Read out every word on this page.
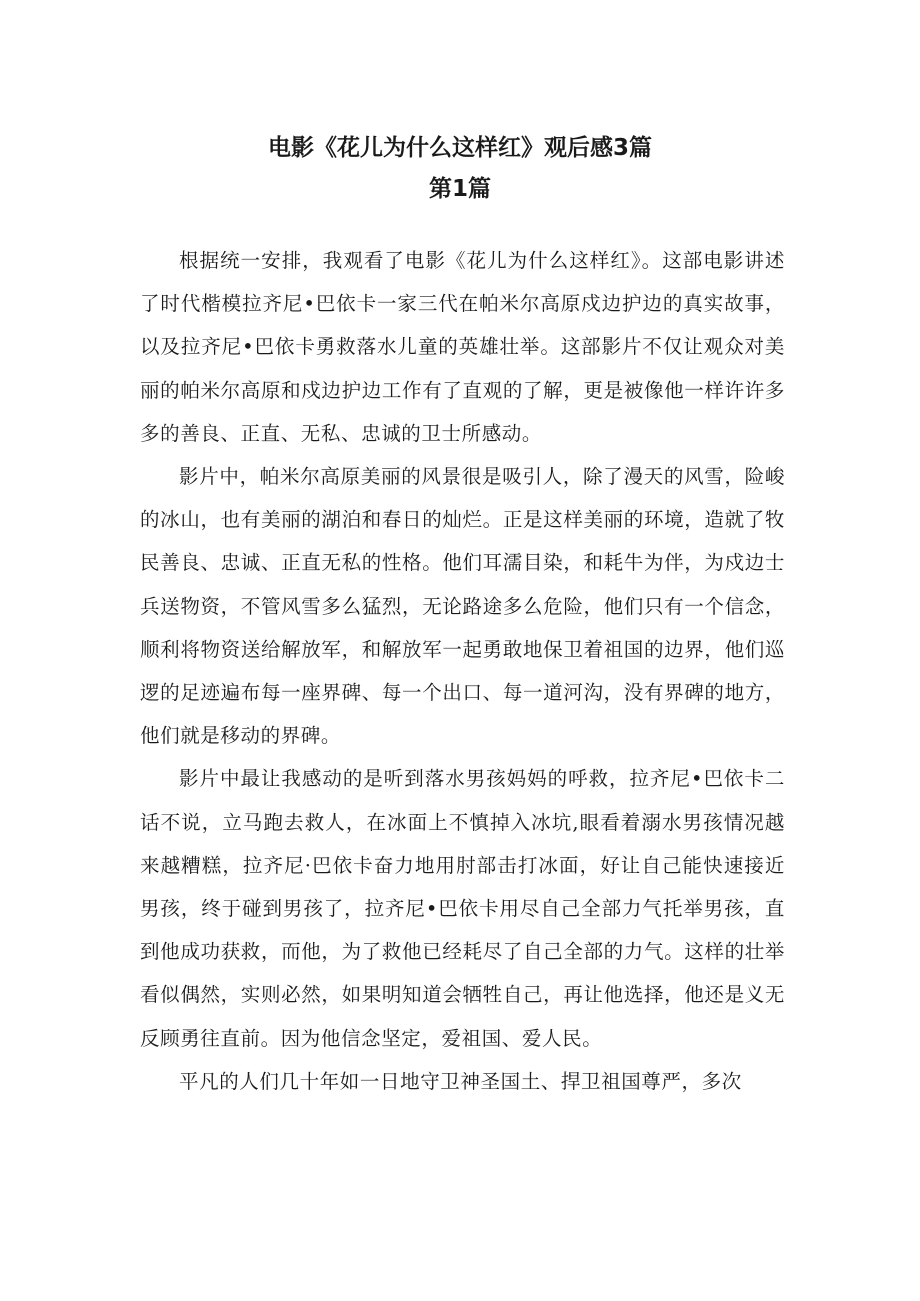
电影《花儿为什么这样红》观后感3篇
第1篇

根据统一安排，我观看了电影《花儿为什么这样红》。这部电影讲述了时代楷模拉齐尼•巴依卡一家三代在帕米尔高原戍边护边的真实故事，以及拉齐尼•巴依卡勇救落水儿童的英雄壮举。这部影片不仅让观众对美丽的帕米尔高原和戍边护边工作有了直观的了解，更是被像他一样许许多多的善良、正直、无私、忠诚的卫士所感动。

影片中，帕米尔高原美丽的风景很是吸引人，除了漫天的风雪，险峻的冰山，也有美丽的湖泊和春日的灿烂。正是这样美丽的环境，造就了牧民善良、忠诚、正直无私的性格。他们耳濡目染，和耗牛为伴，为戍边士兵送物资，不管风雪多么猛烈，无论路途多么危险，他们只有一个信念，顺利将物资送给解放军，和解放军一起勇敢地保卫着祖国的边界，他们巡逻的足迹遍布每一座界碑、每一个出口、每一道河沟，没有界碑的地方，他们就是移动的界碑。

影片中最让我感动的是听到落水男孩妈妈的呼救，拉齐尼•巴依卡二话不说，立马跑去救人，在冰面上不慎掉入冰坑,眼看着溺水男孩情况越来越糟糕，拉齐尼·巴依卡奋力地用肘部击打冰面，好让自己能快速接近男孩，终于碰到男孩了，拉齐尼•巴依卡用尽自己全部力气托举男孩，直到他成功获救，而他，为了救他已经耗尽了自己全部的力气。这样的壮举看似偶然，实则必然，如果明知道会牺牲自己，再让他选择，他还是义无反顾勇往直前。因为他信念坚定，爱祖国、爱人民。

平凡的人们几十年如一日地守卫神圣国土、捍卫祖国尊严，多次
